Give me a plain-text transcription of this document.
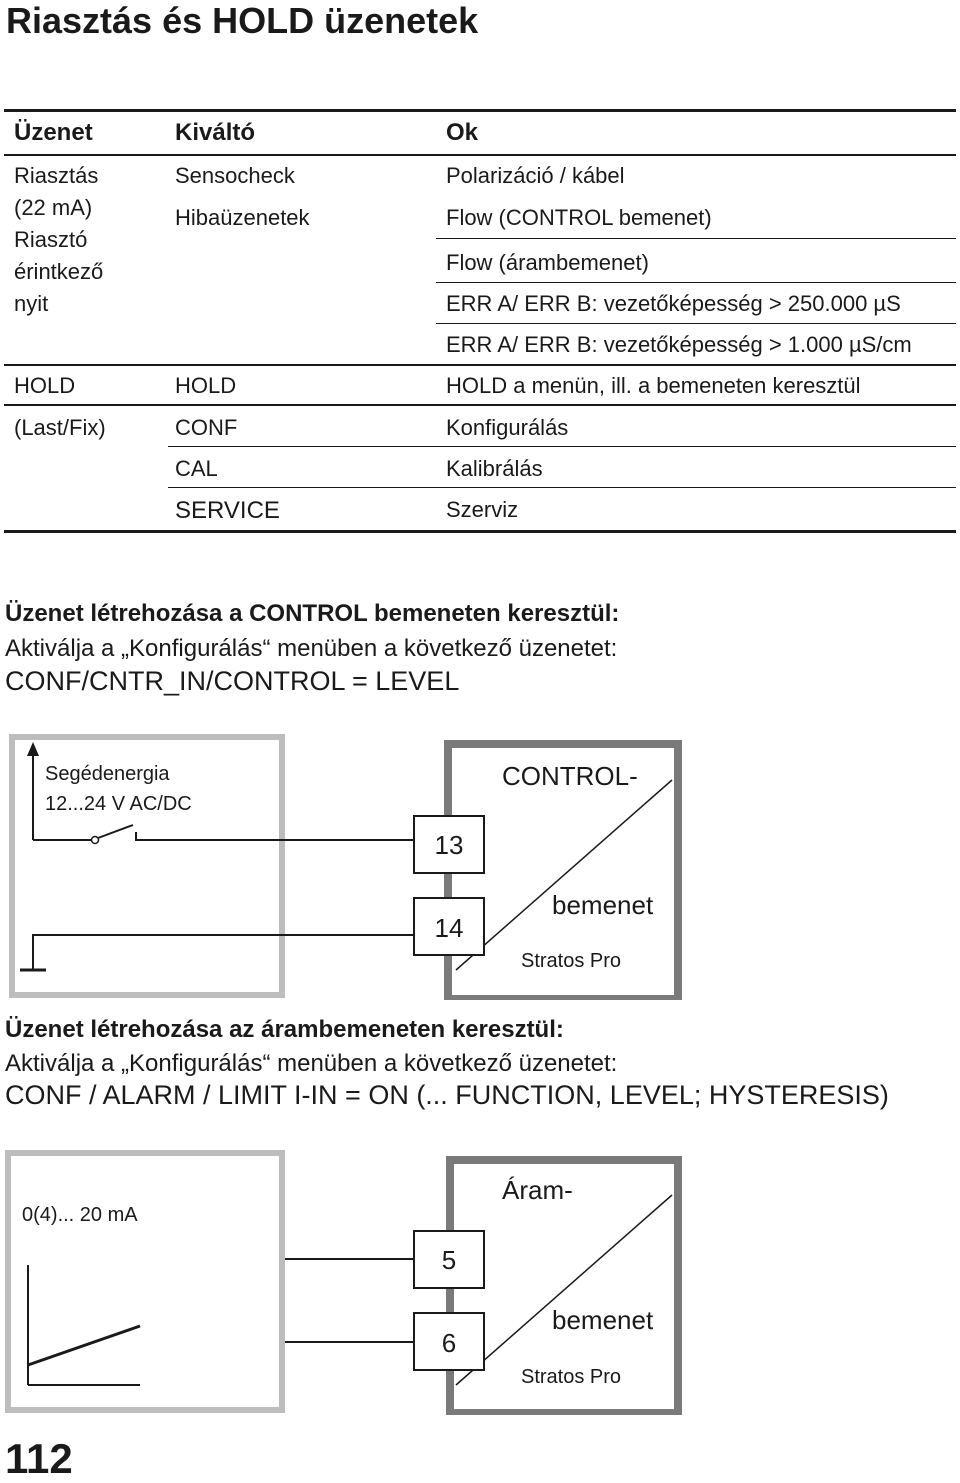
Riasztás és HOLD üzenetek
Üzenet	Kiváltó	Ok
Riasztás
(22 mA)
Riasztó
érintkező
nyit
HOLD
(Last/Fix)
Sensocheck
Hibaüzenetek
HOLD
CONF
CAL
SERVICE
Polarizáció / kábel
Flow (CONTROL bemenet)
Flow (árambemenet)
ERR A/ ERR B: vezetőképesség > 250.000 µS
ERR A/ ERR B: vezetőképesség > 1.000 µS/cm
HOLD a menün, ill. a bemeneten keresztül
Konfigurálás
Kalibrálás
Szerviz
Üzenet létrehozása a CONTROL bemeneten keresztül:
Aktiválja a „Konfigurálás“ menüben a következő üzenetet:
CONF/CNTR_IN/CONTROL = LEVEL
13
14
Segédenergia
12...24 V AC/DC
CONTROL-
bemenet
Stratos Pro
Üzenet létrehozása az árambemeneten keresztül:
Aktiválja a „Konfigurálás“ menüben a következő üzenetet:
CONF / ALARM / LIMIT I-IN = ON (... FUNCTION, LEVEL; HYSTERESIS)
5
6
0(4)... 20 mA
Áram-
bemenet
Stratos Pro
112
